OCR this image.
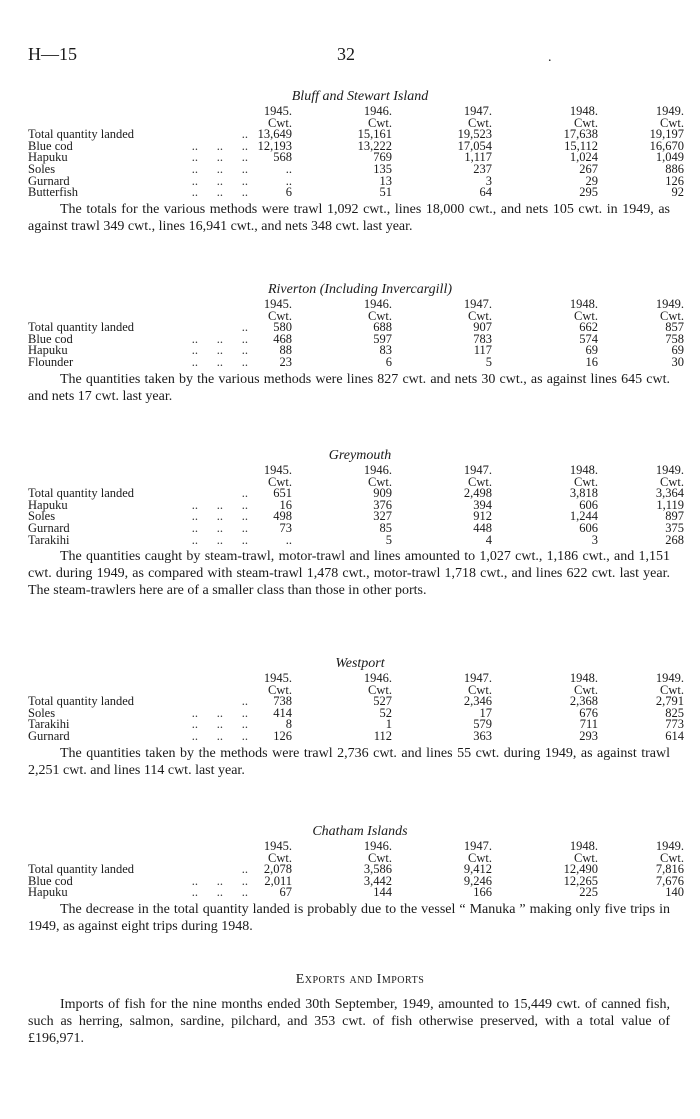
H—15	32	.
Bluff and Stewart Island
		1945.	1946.	1947.	1948.	1949.
		Cwt.	Cwt.	Cwt.	Cwt.	Cwt.
Total quantity landed	..	13,649	15,161	19,523	17,638	19,197
Blue cod	..      ..      ..	12,193	13,222	17,054	15,112	16,670
Hapuku	..      ..      ..	568	769	1,117	1,024	1,049
Soles	..      ..      ..	..	135	237	267	886
Gurnard	..      ..      ..	..	13	3	29	126
Butterfish	..      ..      ..	6	51	64	295	92
The totals for the various methods were trawl 1,092 cwt., lines 18,000 cwt., and nets 105 cwt. in 1949, as against trawl 349 cwt., lines 16,941 cwt., and nets 348 cwt. last year.
Riverton (Including Invercargill)
		1945.	1946.	1947.	1948.	1949.
		Cwt.	Cwt.	Cwt.	Cwt.	Cwt.
Total quantity landed	..	580	688	907	662	857
Blue cod	..      ..      ..	468	597	783	574	758
Hapuku	..      ..      ..	88	83	117	69	69
Flounder	..      ..      ..	23	6	5	16	30
The quantities taken by the various methods were lines 827 cwt. and nets 30 cwt., as against lines 645 cwt. and nets 17 cwt. last year.
Greymouth
		1945.	1946.	1947.	1948.	1949.
		Cwt.	Cwt.	Cwt.	Cwt.	Cwt.
Total quantity landed	..	651	909	2,498	3,818	3,364
Hapuku	..      ..      ..	16	376	394	606	1,119
Soles	..      ..      ..	498	327	912	1,244	897
Gurnard	..      ..      ..	73	85	448	606	375
Tarakihi	..      ..      ..	..	5	4	3	268
The quantities caught by steam-trawl, motor-trawl and lines amounted to 1,027 cwt., 1,186 cwt., and 1,151 cwt. during 1949, as compared with steam-trawl 1,478 cwt., motor-trawl 1,718 cwt., and lines 622 cwt. last year. The steam-trawlers here are of a smaller class than those in other ports.
Westport
		1945.	1946.	1947.	1948.	1949.
		Cwt.	Cwt.	Cwt.	Cwt.	Cwt.
Total quantity landed	..	738	527	2,346	2,368	2,791
Soles	..      ..      ..	414	52	17	676	825
Tarakihi	..      ..      ..	8	1	579	711	773
Gurnard	..      ..      ..	126	112	363	293	614
The quantities taken by the methods were trawl 2,736 cwt. and lines 55 cwt. during 1949, as against trawl 2,251 cwt. and lines 114 cwt. last year.
Chatham Islands
		1945.	1946.	1947.	1948.	1949.
		Cwt.	Cwt.	Cwt.	Cwt.	Cwt.
Total quantity landed	..	2,078	3,586	9,412	12,490	7,816
Blue cod	..      ..      ..	2,011	3,442	9,246	12,265	7,676
Hapuku	..      ..      ..	67	144	166	225	140
The decrease in the total quantity landed is probably due to the vessel “ Manuka ” making only five trips in 1949, as against eight trips during 1948.
Exports and Imports
Imports of fish for the nine months ended 30th September, 1949, amounted to 15,449 cwt. of canned fish, such as herring, salmon, sardine, pilchard, and 353 cwt. of fish otherwise preserved, with a total value of £196,971.
